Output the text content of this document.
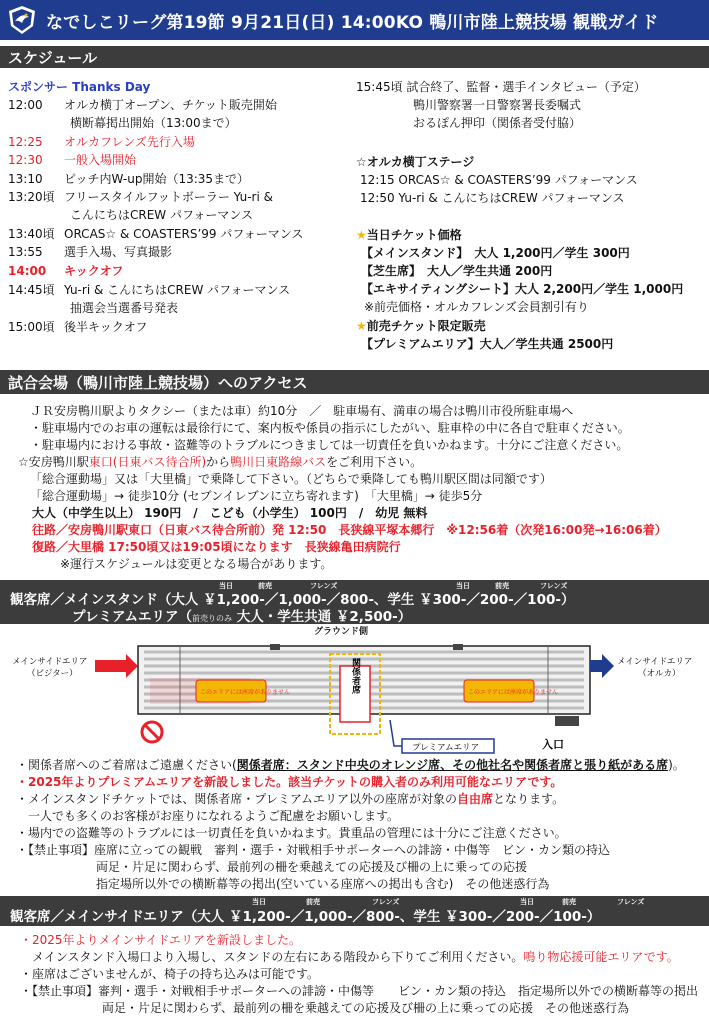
なでしこリーグ第19節 9月21日(日) 14:00KO 鴨川市陸上競技場 観戦ガイド
スケジュール
スポンサー Thanks Day
12:00 オルカ横丁オープン、チケット販売開始
横断幕掲出開始（13:00まで）
12:25 オルカフレンズ先行入場
12:30 一般入場開始
13:10 ピッチ内W-up開始（13:35まで）
13:20頃 フリースタイルフットボーラー Yu-ri &
こんにちはCREW パフォーマンス
13:40頃 ORCAS☆ & COASTERS’99 パフォーマンス
13:55 選手入場、写真撮影
14:00 キックオフ
14:45頃 Yu-ri & こんにちはCREW パフォーマンス
抽選会当選番号発表
15:00頃 後半キックオフ
15:45頃 試合終了、監督・選手インタビュー（予定）
鴨川警察署一日警察署長委嘱式
おるぽん押印（関係者受付脇）
☆オルカ横丁ステージ
12:15 ORCAS☆ & COASTERS’99 パフォーマンス
12:50 Yu-ri & こんにちはCREW パフォーマンス
★当日チケット価格
【メインスタンド】　大人 1,200円／学生 300円
【芝生席】　大人／学生共通 200円
【エキサイティングシート】大人 2,200円／学生 1,000円
※前売価格・オルカフレンズ会員割引有り
★前売チケット限定販売
【プレミアムエリア】大人／学生共通 2500円
試合会場（鴨川市陸上競技場）へのアクセス
ＪＲ安房鴨川駅よりタクシー（または車）約10分　／　駐車場有、満車の場合は鴨川市役所駐車場へ
・駐車場内でのお車の運転は最徐行にて、案内板や係員の指示にしたがい、駐車枠の中に各自で駐車ください。
・駐車場内における事故・盗難等のトラブルにつきましては一切責任を負いかねます。十分にご注意ください。
☆安房鴨川駅東口(日東バス待合所)から鴨川日東路線バスをご利用下さい。
「総合運動場」又は「大里橋」で乗降して下さい。（どちらで乗降しても鴨川駅区間は同額です）
「総合運動場」→ 徒歩10分 (セブンイレブンに立ち寄れます)　「大里橋」→ 徒歩5分
大人（中学生以上） 190円　/　こども（小学生） 100円　/　幼児 無料
往路／安房鴨川駅東口（日東バス待合所前）発 12:50　長狭線平塚本郷行　※12:56着（次発16:00発→16:06着）
復路／大里橋 17:50頃又は19:05頃になります　長狭線亀田病院行
※運行スケジュールは変更となる場合があります。
当日	前売	フレンズ	当日	前売	フレンズ
観客席／メインスタンド（大人 ￥1,200-／1,000-／800-、学生 ￥300-／200-／100-）
プレミアムエリア（前売りのみ 大人・学生共通 ￥2,500-）
グラウンド側
このエリアには座席がありません	このエリアには座席がありません
関係者席
メインサイドエリア
（ビジター）
メインサイドエリア
（オルカ）
プレミアムエリア	入口
・関係者席へのご着席はご遠慮ください(関係者席：スタンド中央のオレンジ席、その他社名や関係者席と張り紙がある席)。
・2025年よりプレミアムエリアを新設しました。該当チケットの購入者のみ利用可能なエリアです。
・メインスタンドチケットでは、関係者席・プレミアムエリア以外の座席が対象の自由席となります。
一人でも多くのお客様がお座りになれるようご配慮をお願いします。
・場内での盗難等のトラブルには一切責任を負いかねます。貴重品の管理には十分にご注意ください。
・【禁止事項】座席に立っての観戦　審判・選手・対戦相手サポーターへの誹謗・中傷等　ビン・カン類の持込
両足・片足に関わらず、最前列の柵を乗越えての応援及び柵の上に乗っての応援
指定場所以外での横断幕等の掲出(空いている座席への掲出も含む)　その他迷惑行為
当日	前売	フレンズ	当日	前売	フレンズ
観客席／メインサイドエリア（大人 ￥1,200-／1,000-／800-、学生 ￥300-／200-／100-）
・2025年よりメインサイドエリアを新設しました。
メインスタンド入場口より入場し、スタンドの左右にある階段から下りてご利用ください。鳴り物応援可能エリアです。
・座席はございませんが、椅子の持ち込みは可能です。
・【禁止事項】審判・選手・対戦相手サポーターへの誹謗・中傷等　　ビン・カン類の持込　指定場所以外での横断幕等の掲出
両足・片足に関わらず、最前列の柵を乗越えての応援及び柵の上に乗っての応援　その他迷惑行為
